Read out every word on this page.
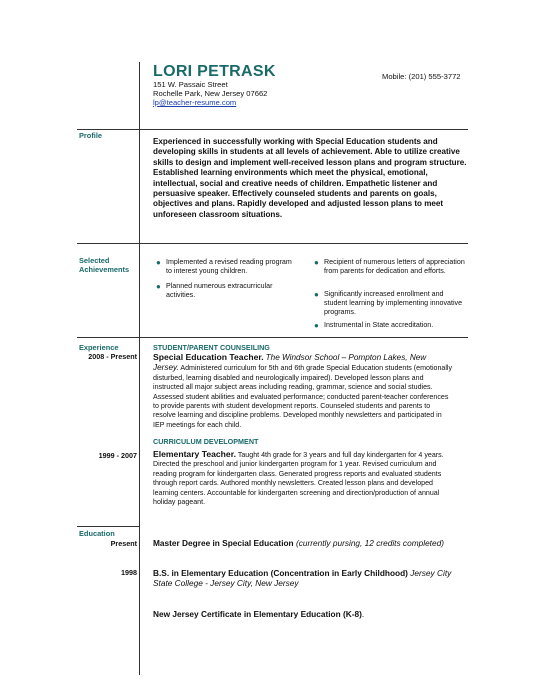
LORI PETRASK
151 W. Passaic Street
Rochelle Park, New Jersey 07662
lp@teacher-resume.com
Mobile: (201) 555-3772
Profile
Experienced in successfully working with Special Education students and developing skills in students at all levels of achievement. Able to utilize creative skills to design and implement well-received lesson plans and program structure. Established learning environments which meet the physical, emotional, intellectual, social and creative needs of children. Empathetic listener and persuasive speaker. Effectively counseled students and parents on goals, objectives and plans. Rapidly developed and adjusted lesson plans to meet unforeseen classroom situations.
Selected
Achievements
● Implemented a revised reading program to interest young children.
● Planned numerous extracurricular activities.
● Recipient of numerous letters of appreciation from parents for dedication and efforts.
● Significantly increased enrollment and student learning by implementing innovative programs.
● Instrumental in State accreditation.
Experience
2008 - Present
STUDENT/PARENT COUNSEILING
Special Education Teacher. The Windsor School – Pompton Lakes, New Jersey. Administered curriculum for 5th and 6th grade Special Education students (emotionally disturbed, learning disabled and neurologically impaired). Developed lesson plans and instructed all major subject areas including reading, grammar, science and social studies. Assessed student abilities and evaluated performance; conducted parent-teacher conferences to provide parents with student development reports. Counseled students and parents to resolve learning and discipline problems. Developed monthly newsletters and participated in IEP meetings for each child.
CURRICULUM DEVELOPMENT
1999 - 2007 Elementary Teacher. Taught 4th grade for 3 years and full day kindergarten for 4 years. Directed the preschool and junior kindergarten program for 1 year. Revised curriculum and reading program for kindergarten class. Generated progress reports and evaluated students through report cards. Authored monthly newsletters. Created lesson plans and developed learning centers. Accountable for kindergarten screening and direction/production of annual holiday pageant.
Education
Present Master Degree in Special Education (currently pursing, 12 credits completed)
1998 B.S. in Elementary Education (Concentration in Early Childhood) Jersey City State College - Jersey City, New Jersey
New Jersey Certificate in Elementary Education (K-8).
